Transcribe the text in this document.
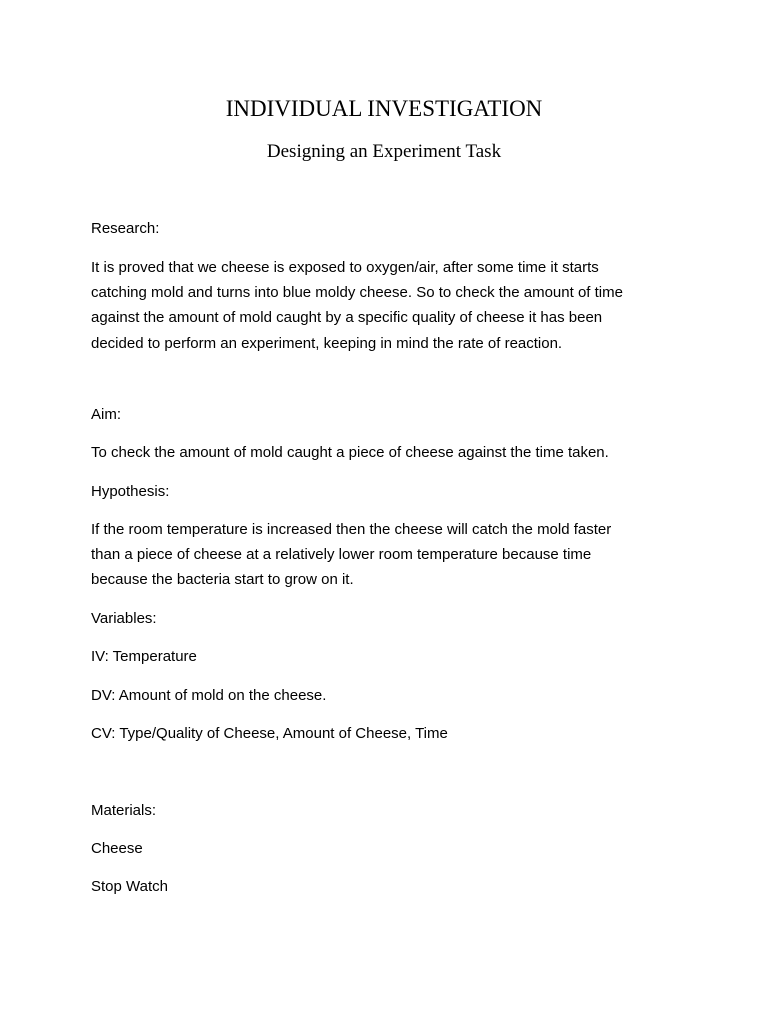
INDIVIDUAL INVESTIGATION
Designing an Experiment Task

Research:

It is proved that we cheese is exposed to oxygen/air, after some time it starts

catching mold and turns into blue moldy cheese. So to check the amount of time

against the amount of mold caught by a specific quality of cheese it has been

decided to perform an experiment, keeping in mind the rate of reaction.

Aim:

To check the amount of mold caught a piece of cheese against the time taken.

Hypothesis:

If the room temperature is increased then the cheese will catch the mold faster

than a piece of cheese at a relatively lower room temperature because time

because the bacteria start to grow on it.

Variables:

IV: Temperature

DV: Amount of mold on the cheese.

CV: Type/Quality of Cheese, Amount of Cheese, Time

Materials:

Cheese

Stop Watch
